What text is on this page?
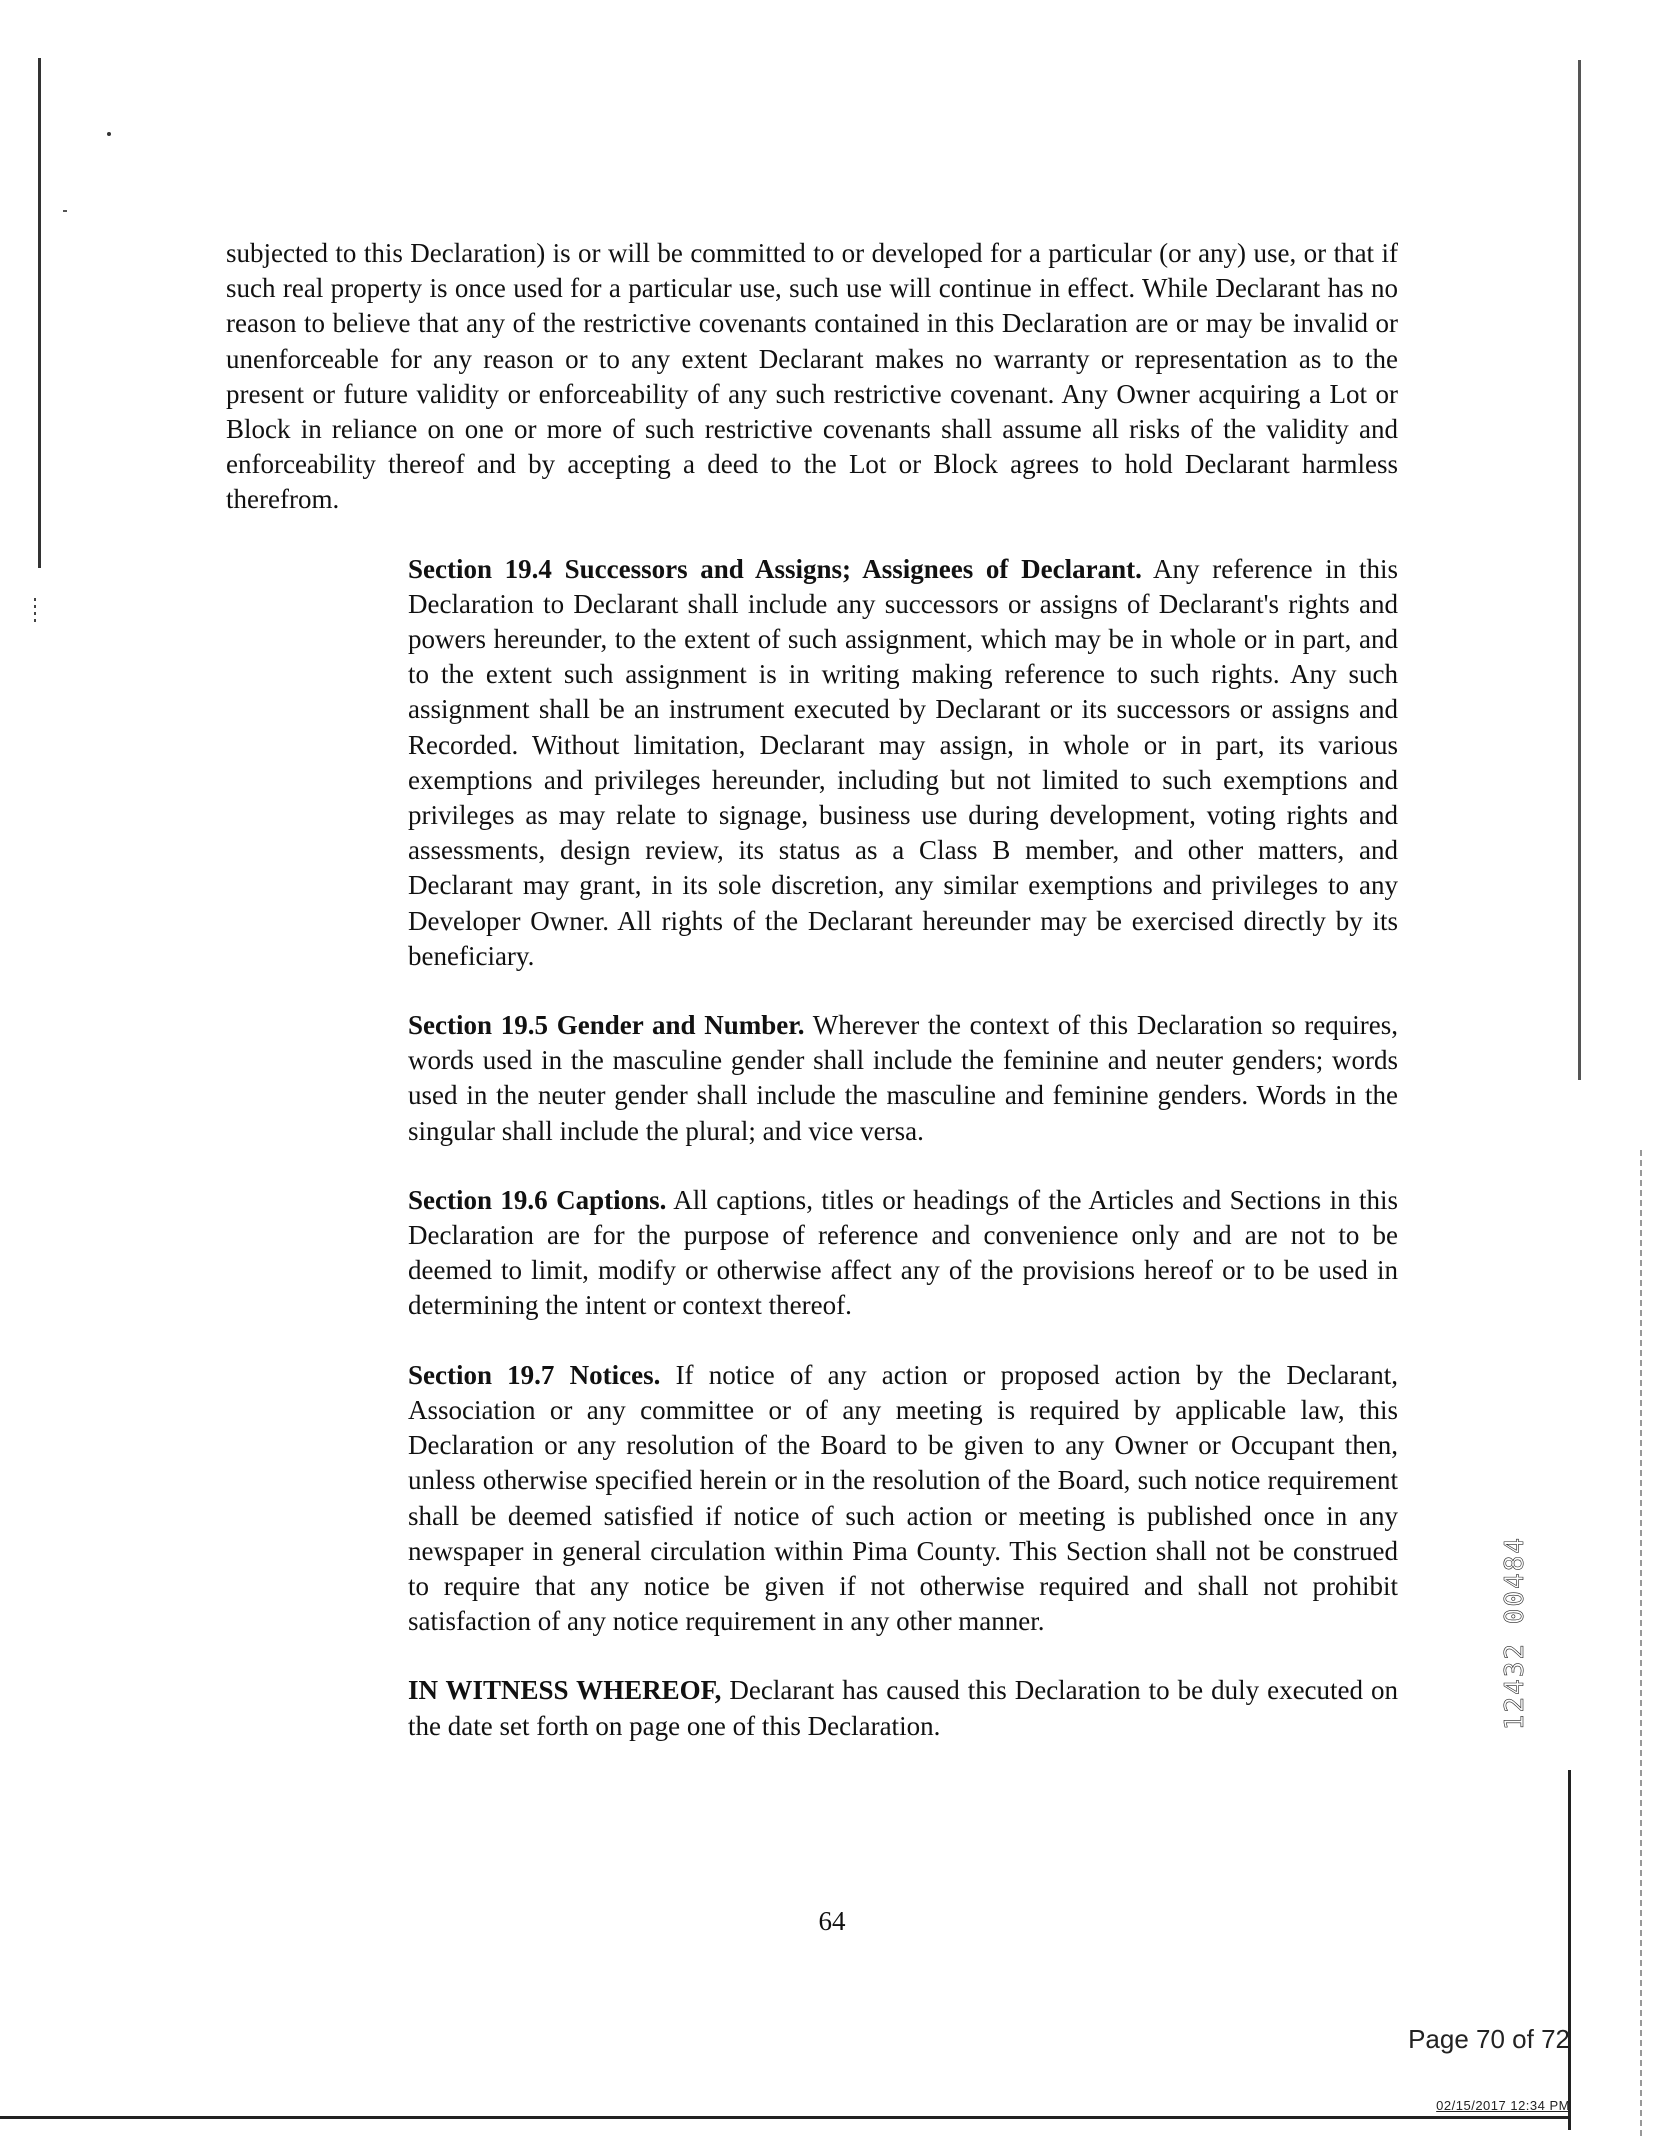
subjected to this Declaration) is or will be committed to or developed for a particular (or any) use, or that if such real property is once used for a particular use, such use will continue in effect. While Declarant has no reason to believe that any of the restrictive covenants contained in this Declaration are or may be invalid or unenforceable for any reason or to any extent Declarant makes no warranty or representation as to the present or future validity or enforceability of any such restrictive covenant. Any Owner acquiring a Lot or Block in reliance on one or more of such restrictive covenants shall assume all risks of the validity and enforceability thereof and by accepting a deed to the Lot or Block agrees to hold Declarant harmless therefrom.

Section 19.4 Successors and Assigns; Assignees of Declarant. Any reference in this Declaration to Declarant shall include any successors or assigns of Declarant's rights and powers hereunder, to the extent of such assignment, which may be in whole or in part, and to the extent such assignment is in writing making reference to such rights. Any such assignment shall be an instrument executed by Declarant or its successors or assigns and Recorded. Without limitation, Declarant may assign, in whole or in part, its various exemptions and privileges hereunder, including but not limited to such exemptions and privileges as may relate to signage, business use during development, voting rights and assessments, design review, its status as a Class B member, and other matters, and Declarant may grant, in its sole discretion, any similar exemptions and privileges to any Developer Owner. All rights of the Declarant hereunder may be exercised directly by its beneficiary.

Section 19.5 Gender and Number. Wherever the context of this Declaration so requires, words used in the masculine gender shall include the feminine and neuter genders; words used in the neuter gender shall include the masculine and feminine genders. Words in the singular shall include the plural; and vice versa.

Section 19.6 Captions. All captions, titles or headings of the Articles and Sections in this Declaration are for the purpose of reference and convenience only and are not to be deemed to limit, modify or otherwise affect any of the provisions hereof or to be used in determining the intent or context thereof.

Section 19.7 Notices. If notice of any action or proposed action by the Declarant, Association or any committee or of any meeting is required by applicable law, this Declaration or any resolution of the Board to be given to any Owner or Occupant then, unless otherwise specified herein or in the resolution of the Board, such notice requirement shall be deemed satisfied if notice of such action or meeting is published once in any newspaper in general circulation within Pima County. This Section shall not be construed to require that any notice be given if not otherwise required and shall not prohibit satisfaction of any notice requirement in any other manner.

IN WITNESS WHEREOF, Declarant has caused this Declaration to be duly executed on the date set forth on page one of this Declaration.

64
12432 00484
Page 70 of 72
02/15/2017 12:34 PM
